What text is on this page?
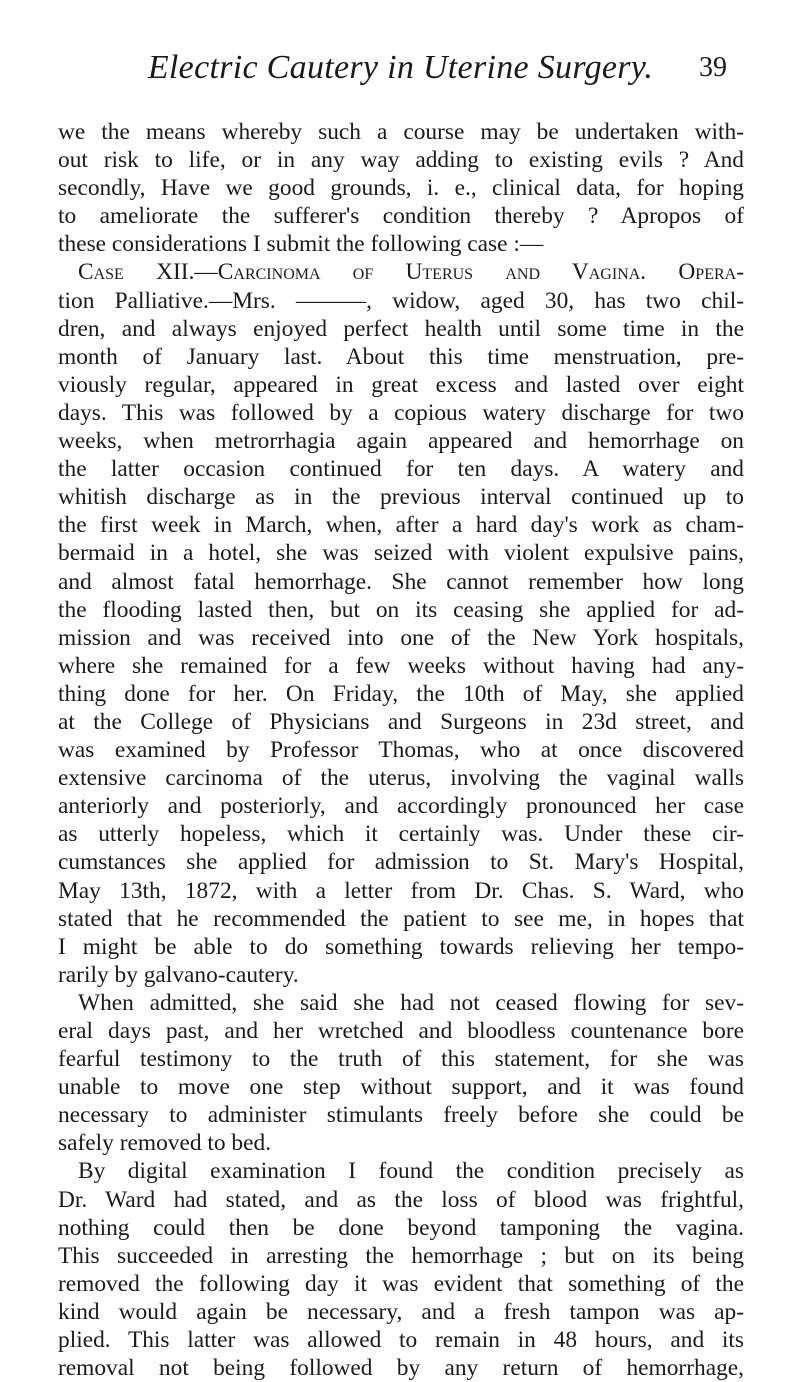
Electric Cautery in Uterine Surgery.	39
we the means whereby such a course may be undertaken with-
out risk to life, or in any way adding to existing evils ? And
secondly, Have we good grounds, i. e., clinical data, for hoping
to ameliorate the sufferer's condition thereby ? Apropos of
these considerations I submit the following case :—
Case XII.—Carcinoma of Uterus and Vagina. Opera-
tion Palliative.—Mrs. ———, widow, aged 30, has two chil-
dren, and always enjoyed perfect health until some time in the
month of January last. About this time menstruation, pre-
viously regular, appeared in great excess and lasted over eight
days. This was followed by a copious watery discharge for two
weeks, when metrorrhagia again appeared and hemorrhage on
the latter occasion continued for ten days. A watery and
whitish discharge as in the previous interval continued up to
the first week in March, when, after a hard day's work as cham-
bermaid in a hotel, she was seized with violent expulsive pains,
and almost fatal hemorrhage. She cannot remember how long
the flooding lasted then, but on its ceasing she applied for ad-
mission and was received into one of the New York hospitals,
where she remained for a few weeks without having had any-
thing done for her. On Friday, the 10th of May, she applied
at the College of Physicians and Surgeons in 23d street, and
was examined by Professor Thomas, who at once discovered
extensive carcinoma of the uterus, involving the vaginal walls
anteriorly and posteriorly, and accordingly pronounced her case
as utterly hopeless, which it certainly was. Under these cir-
cumstances she applied for admission to St. Mary's Hospital,
May 13th, 1872, with a letter from Dr. Chas. S. Ward, who
stated that he recommended the patient to see me, in hopes that
I might be able to do something towards relieving her tempo-
rarily by galvano-cautery.
When admitted, she said she had not ceased flowing for sev-
eral days past, and her wretched and bloodless countenance bore
fearful testimony to the truth of this statement, for she was
unable to move one step without support, and it was found
necessary to administer stimulants freely before she could be
safely removed to bed.
By digital examination I found the condition precisely as
Dr. Ward had stated, and as the loss of blood was frightful,
nothing could then be done beyond tamponing the vagina.
This succeeded in arresting the hemorrhage ; but on its being
removed the following day it was evident that something of the
kind would again be necessary, and a fresh tampon was ap-
plied. This latter was allowed to remain in 48 hours, and its
removal not being followed by any return of hemorrhage,
